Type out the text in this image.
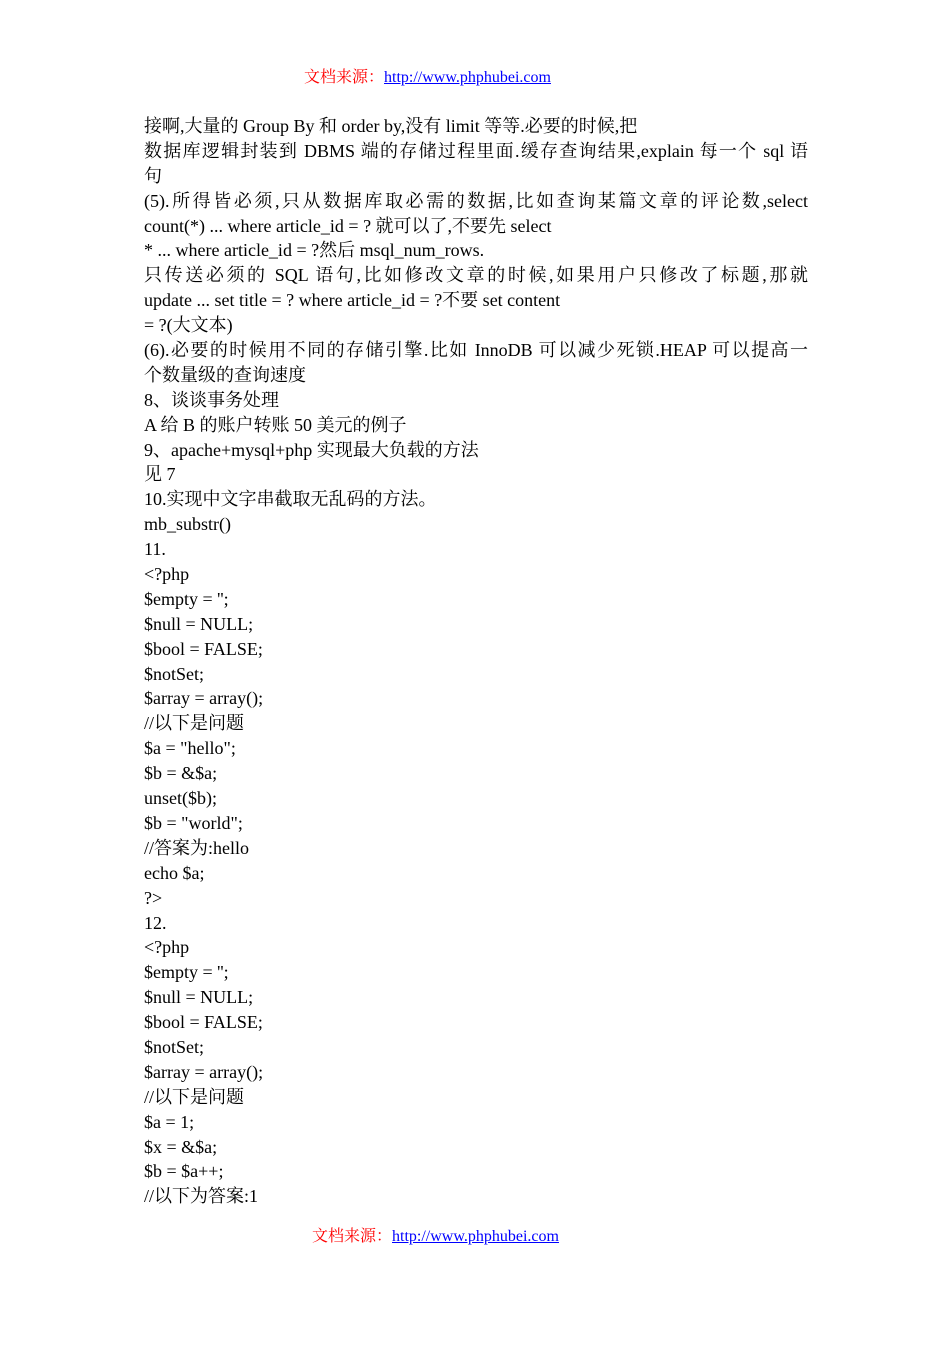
文档来源：http://www.phphubei.com
接啊,大量的 Group By 和 order by,没有 limit 等等.必要的时候,把
数据库逻辑封装到 DBMS 端的存储过程里面.缓存查询结果,explain 每一个 sql 语
句
(5).所得皆必须,只从数据库取必需的数据,比如查询某篇文章的评论数,select
count(*) ... where article_id = ? 就可以了,不要先 select
* ... where article_id = ?然后 msql_num_rows.
只传送必须的 SQL 语句,比如修改文章的时候,如果用户只修改了标题,那就
update ... set title = ? where article_id = ?不要 set content
= ?(大文本)
(6).必要的时候用不同的存储引擎.比如 InnoDB 可以减少死锁.HEAP 可以提高一
个数量级的查询速度
8、谈谈事务处理
A 给 B 的账户转账 50 美元的例子
9、apache+mysql+php 实现最大负载的方法
见 7
10.实现中文字串截取无乱码的方法。
mb_substr()
11.
<?php
$empty = '';
$null = NULL;
$bool = FALSE;
$notSet;
$array = array();
//以下是问题
$a = "hello";
$b = &$a;
unset($b);
$b = "world";
//答案为:hello
echo $a;
?>
12.
<?php
$empty = '';
$null = NULL;
$bool = FALSE;
$notSet;
$array = array();
//以下是问题
$a = 1;
$x = &$a;
$b = $a++;
//以下为答案:1
文档来源：http://www.phphubei.com
